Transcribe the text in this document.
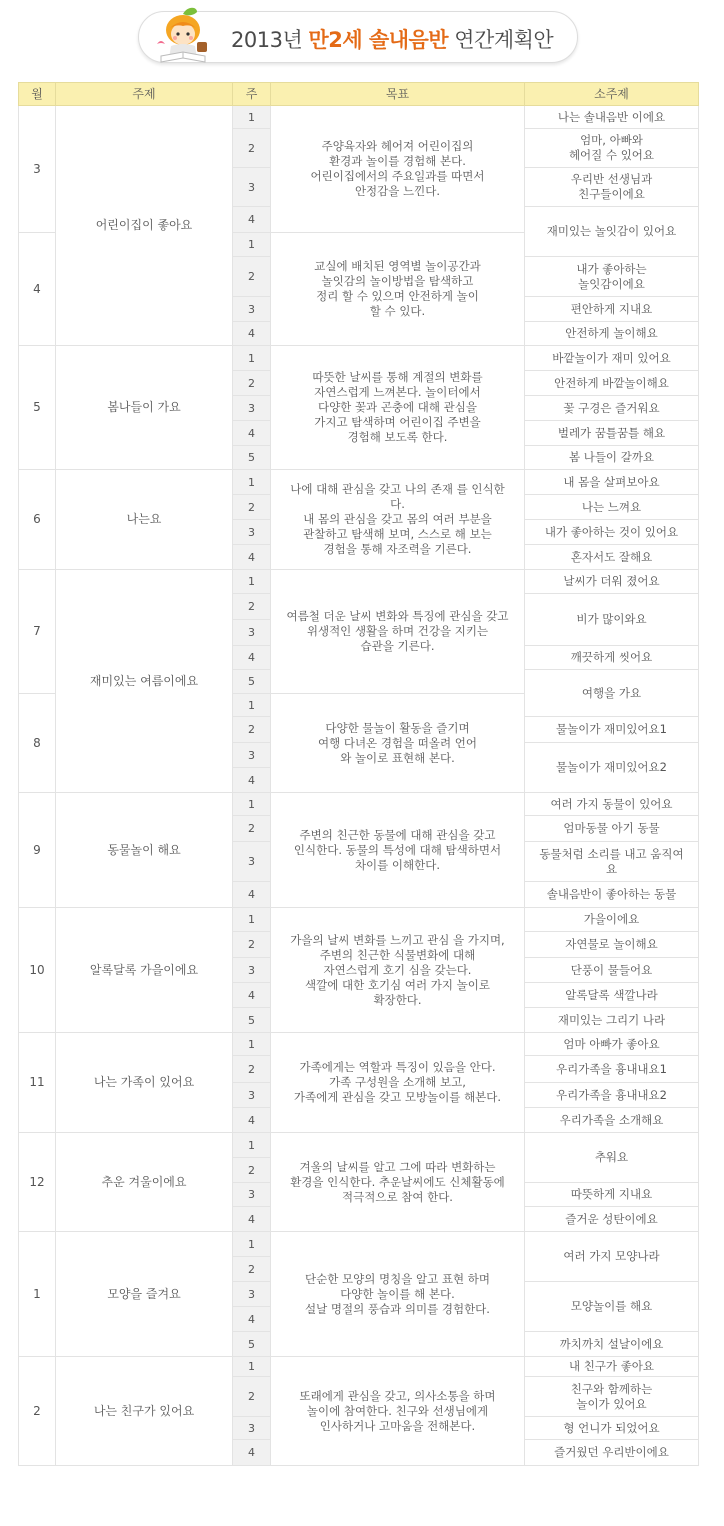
2013년 만2세 솔내음반 연간계획안
월	주제	주	목표	소주제
3	어린이집이 좋아요	1	주양육자와 헤어져 어린이집의
환경과 놀이를 경험해 본다.
어린이집에서의 주요일과를 따면서
안정감을 느낀다.	나는 솔내음반 이에요
		2		엄마, 아빠와
헤어질 수 있어요
		3		우리반 선생님과
친구들이에요
		4		재미있는 놀잇감이 있어요
4		1	교실에 배치된 영역별 놀이공간과
놀잇감의 놀이방법을 탐색하고
정리 할 수 있으며 안전하게 놀이
할 수 있다.	
		2		내가 좋아하는
놀잇감이에요
		3		편안하게 지내요
		4		안전하게 놀이해요
5	봄나들이 가요	1	따뜻한 날씨를 통해 계절의 변화를
자연스럽게 느껴본다. 놀이터에서
다양한 꽃과 곤충에 대해 관심을
가지고 탐색하며 어린이집 주변을
경험해 보도록 한다.	바깥놀이가 재미 있어요
		2		안전하게 바깥놀이해요
		3		꽃 구경은 즐거워요
		4		벌레가 꿈틀꿈틀 해요
		5		봄 나들이 갈까요
6	나는요	1	나에 대해 관심을 갖고 나의 존재 를 인식한
다.
내 몸의 관심을 갖고 몸의 여러 부분을
관찰하고 탐색해 보며, 스스로 해 보는
경험을 통해 자조력을 기른다.	내 몸을 살펴보아요
		2		나는 느껴요
		3		내가 좋아하는 것이 있어요
		4		혼자서도 잘해요
7	재미있는 여름이에요	1	여름철 더운 날씨 변화와 특징에 관심을 갖고
위생적인 생활을 하며 건강을 지키는
습관을 기른다.	날씨가 더워 졌어요
		2		비가 많이와요
		3		
		4		깨끗하게 씻어요
		5		여행을 가요
8		1	다양한 물놀이 활동을 즐기며
여행 다녀온 경험을 떠올려 언어
와 놀이로 표현해 본다.	
		2		물놀이가 재미있어요1
		3		물놀이가 재미있어요2
		4		
9	동물놀이 해요	1	주변의 친근한 동물에 대해 관심을 갖고
인식한다. 동물의 특성에 대해 탐색하면서
차이를 이해한다.	여러 가지 동물이 있어요
		2		엄마동물 아기 동물
		3		동물처럼 소리를 내고 움직여
요
		4		솔내음반이 좋아하는 동물
10	알록달록 가을이에요	1	가을의 날씨 변화를 느끼고 관심 을 가지며,
주변의 친근한 식물변화에 대해
자연스럽게 호기 심을 갖는다.
색깔에 대한 호기심 여러 가지 놀이로
확장한다.	가을이에요
		2		자연물로 놀이해요
		3		단풍이 물들어요
		4		알록달록 색깔나라
		5		재미있는 그리기 나라
11	나는 가족이 있어요	1	가족에게는 역할과 특징이 있음을 안다.
가족 구성원을 소개해 보고,
가족에게 관심을 갖고 모방놀이를 해본다.	엄마 아빠가 좋아요
		2		우리가족을 흉내내요1
		3		우리가족을 흉내내요2
		4		우리가족을 소개해요
12	추운 겨울이에요	1	겨울의 날씨를 알고 그에 따라 변화하는
환경을 인식한다. 추운날씨에도 신체활동에
적극적으로 참여 한다.	추워요
		2		
		3		따뜻하게 지내요
		4		즐거운 성탄이에요
1	모양을 즐겨요	1	단순한 모양의 명칭을 알고 표현 하며
다양한 놀이를 해 본다.
설날 명절의 풍습과 의미를 경험한다.	여러 가지 모양나라
		2		
		3		모양놀이를 해요
		4		
		5		까치까치 설날이에요
2	나는 친구가 있어요	1	또래에게 관심을 갖고, 의사소통을 하며
놀이에 참여한다. 친구와 선생님에게
인사하거나 고마움을 전해본다.	내 친구가 좋아요
		2		친구와 함께하는
놀이가 있어요
		3		형 언니가 되었어요
		4		즐거웠던 우리반이에요
